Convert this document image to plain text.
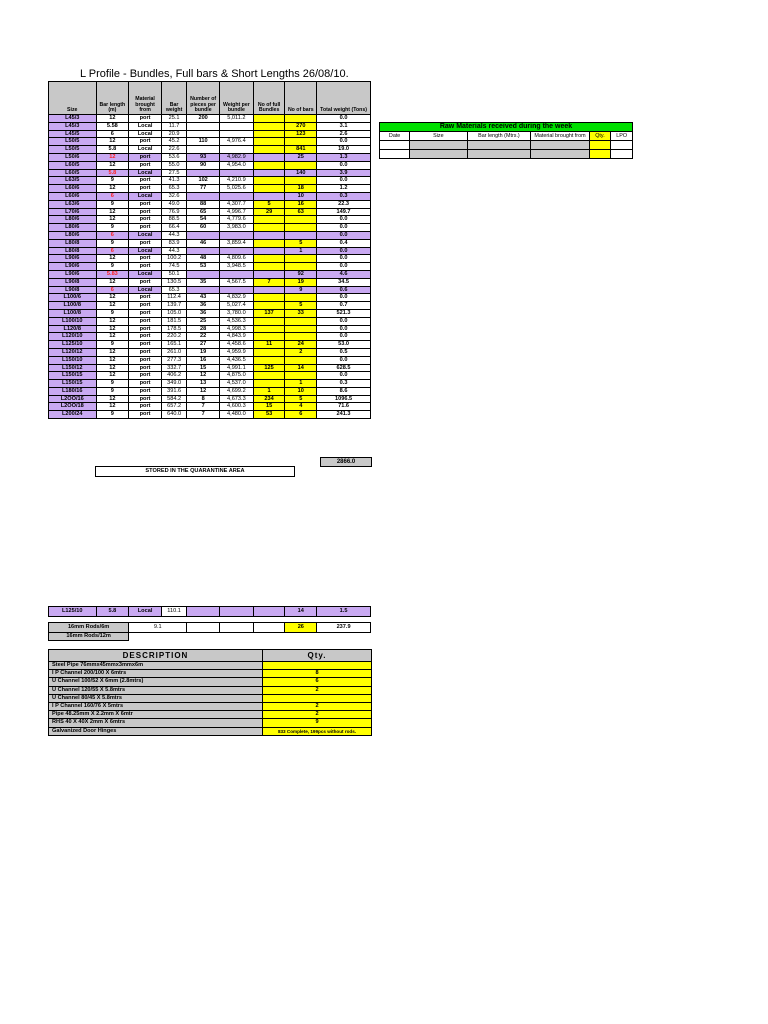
L Profile - Bundles, Full bars & Short Lengths 26/08/10.
Size	Bar length (m)	Material brought from	Bar weight	Number of pieces per bundle	Weight per bundle	No of full Bundles	No of bars	Total weight (Tons)
L45/3	12	port	25.1	200	5,011.2			0.0
L45/3	5.58	Local	11.7				270	3.1
L45/5	6	Local	20.9				123	2.6
L50/5	12	port	45.2	110	4,976.4			0.0
L50/5	5.8	Local	22.6				841	19.0
L50/6	12	port	53.6	93	4,982.9		25	1.3
L60/5	12	port	55.0	90	4,954.0			0.0
L60/5	5.8	Local	27.5				140	3.9
L63/5	9	port	41.3	102	4,210.9			0.0
L60/6	12	port	65.3	77	5,025.6		18	1.2
L60/6	6	Local	32.6				10	0.3
L63/6	9	port	49.0	88	4,307.7	5	16	22.3
L70/6	12	port	76.9	65	4,996.7	29	63	149.7
L80/6	12	port	88.5	54	4,779.6			0.0
L80/6	9	port	66.4	60	3,983.0			0.0
L80/6	6	Local	44.3					0.0
L80/8	9	port	83.9	46	3,859.4		5	0.4
L80/8	6	Local	44.3				1	0.0
L90/6	12	port	100.2	48	4,809.6			0.0
L90/6	9	port	74.5	53	3,948.5			0.0
L90/6	5.83	Local	50.1				92	4.6
L90/8	12	port	130.5	35	4,567.5	7	19	34.5
L90/8	6	Local	65.3				9	0.6
L100/6	12	port	112.4	43	4,832.9			0.0
L100/8	12	port	139.7	36	5,027.4		5	0.7
L100/8	9	port	105.0	36	3,780.0	137	33	521.3
L100/10	12	port	181.5	25	4,536.3			0.0
L120/8	12	port	178.5	28	4,998.3			0.0
L120/10	12	port	220.2	22	4,843.9			0.0
L125/10	9	port	165.1	27	4,458.6	11	24	53.0
L120/12	12	port	261.0	19	4,959.9		2	0.5
L150/10	12	port	277.3	16	4,436.5			0.0
L150/12	12	port	332.7	15	4,991.1	125	14	628.5
L150/15	12	port	406.2	12	4,875.0			0.0
L150/15	9	port	349.0	13	4,537.0		1	0.3
L180/16	9	port	391.6	12	4,699.2	1	10	8.6
L2OO/16	12	port	584.2	8	4,673.3	234	5	1096.5
L2OO/18	12	port	657.2	7	4,600.3	15	4	71.6
L200/24	9	port	640.0	7	4,480.0	53	6	241.3
2866.0
STORED IN THE QUARANTINE AREA
Raw Materials received during the week					
Date	Size	Bar length (Mtrs.)	Material brought from	Qty.	LPO

L125/10	5.8	Local	110.1				14	1.5
16mm Rods/6m	9.1				26	237.9
16mm Rods/12m						
DESCRIPTION	Qty.
Steel Pipe 76mmx45mmx3mmx6m	
I P Channel 200/100 X 6mtrs	8
U Channel 100/52 X 6mm (2.8mtrs)	6
U Channel 120/55 X 5.8mtrs	2
U Channel 80/45 X 5.8mtrs	
I P Channel 160/76 X 5mtrs	2
Pipe 48.25mm X 2.2mm X 6mtr	2
RHS 40 X 40X 2mm X 6mtrs	9
Galvanized Door Hinges	833 Complete, 199pcs without rods.
